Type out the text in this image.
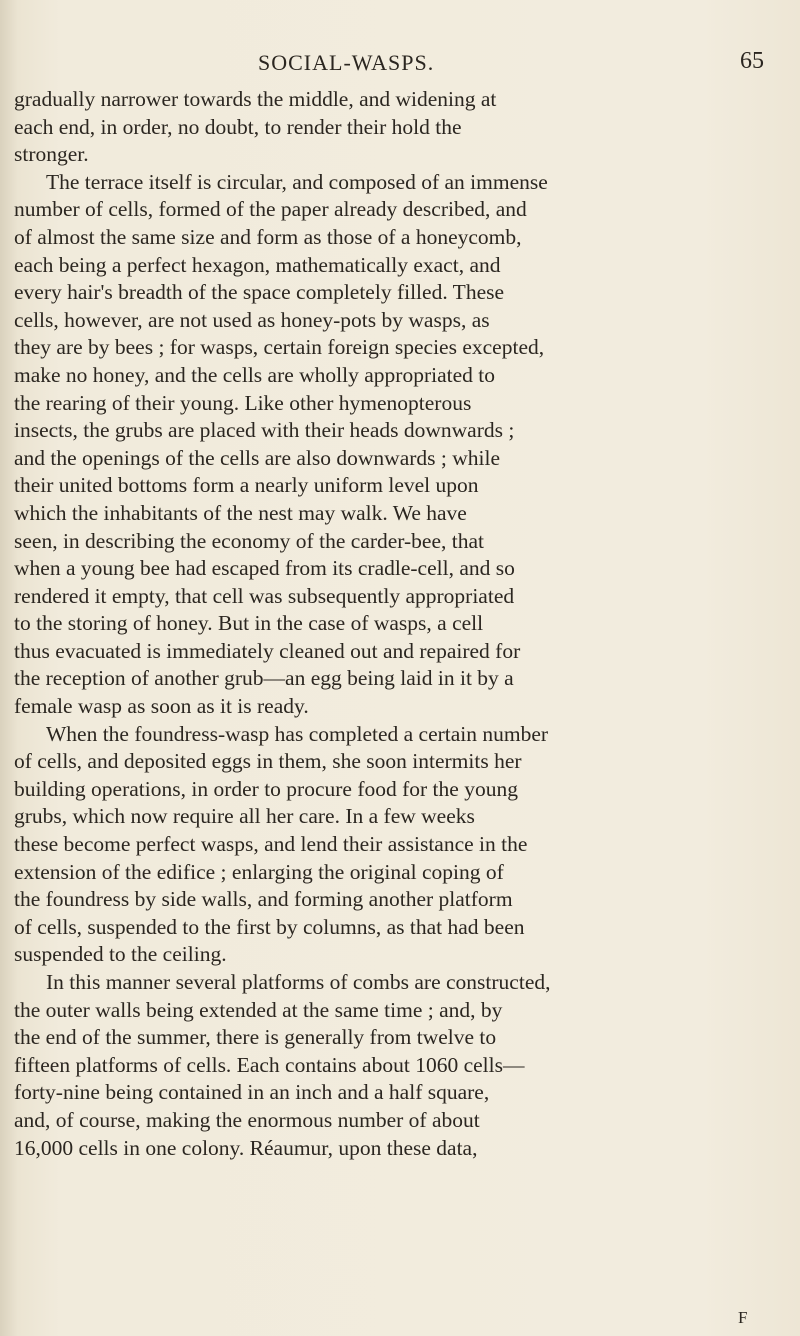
SOCIAL-WASPS.	65
gradually narrower towards the middle, and widening at
each end, in order, no doubt, to render their hold the
stronger.
The terrace itself is circular, and composed of an immense
number of cells, formed of the paper already described, and
of almost the same size and form as those of a honeycomb,
each being a perfect hexagon, mathematically exact, and
every hair's breadth of the space completely filled. These
cells, however, are not used as honey-pots by wasps, as
they are by bees ; for wasps, certain foreign species excepted,
make no honey, and the cells are wholly appropriated to
the rearing of their young. Like other hymenopterous
insects, the grubs are placed with their heads downwards ;
and the openings of the cells are also downwards ; while
their united bottoms form a nearly uniform level upon
which the inhabitants of the nest may walk. We have
seen, in describing the economy of the carder-bee, that
when a young bee had escaped from its cradle-cell, and so
rendered it empty, that cell was subsequently appropriated
to the storing of honey. But in the case of wasps, a cell
thus evacuated is immediately cleaned out and repaired for
the reception of another grub—an egg being laid in it by a
female wasp as soon as it is ready.
When the foundress-wasp has completed a certain number
of cells, and deposited eggs in them, she soon intermits her
building operations, in order to procure food for the young
grubs, which now require all her care. In a few weeks
these become perfect wasps, and lend their assistance in the
extension of the edifice ; enlarging the original coping of
the foundress by side walls, and forming another platform
of cells, suspended to the first by columns, as that had been
suspended to the ceiling.
In this manner several platforms of combs are constructed,
the outer walls being extended at the same time ; and, by
the end of the summer, there is generally from twelve to
fifteen platforms of cells. Each contains about 1060 cells—
forty-nine being contained in an inch and a half square,
and, of course, making the enormous number of about
16,000 cells in one colony. Réaumur, upon these data,
F
